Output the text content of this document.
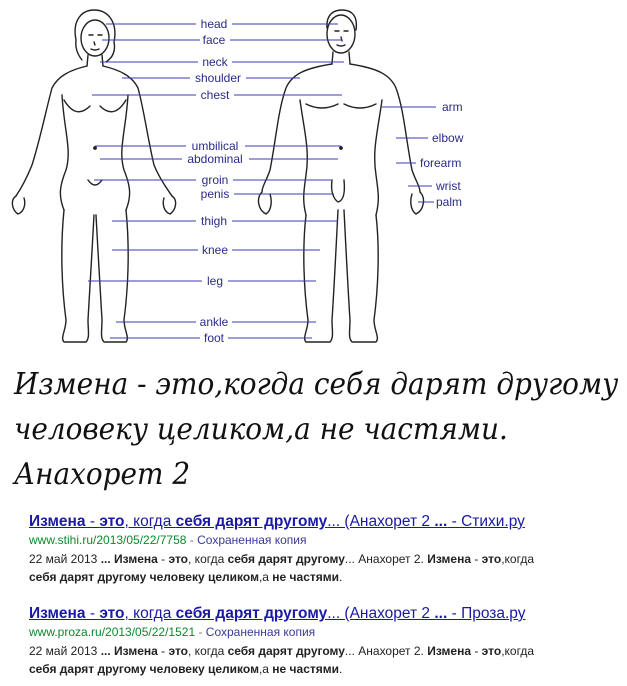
head
face
neck
shoulder
chest
umbilical
abdominal
groin
penis
thigh
knee
leg
ankle
foot
arm
elbow
forearm
wrist
palm
Измена - это,когда себя дарят другому
человеку целиком,а не частями.
Анахорет 2
Измена - это, когда себя дарят другому... (Анахорет 2 ... - Стихи.ру
www.stihi.ru/2013/05/22/7758 - Сохраненная копия
22 май 2013 ... Измена - это, когда себя дарят другому... Анахорет 2. Измена - это,когда себя дарят другому человеку целиком,а не частями.
Измена - это, когда себя дарят другому... (Анахорет 2 ... - Проза.ру
www.proza.ru/2013/05/22/1521 - Сохраненная копия
22 май 2013 ... Измена - это, когда себя дарят другому... Анахорет 2. Измена - это,когда себя дарят другому человеку целиком,а не частями.
